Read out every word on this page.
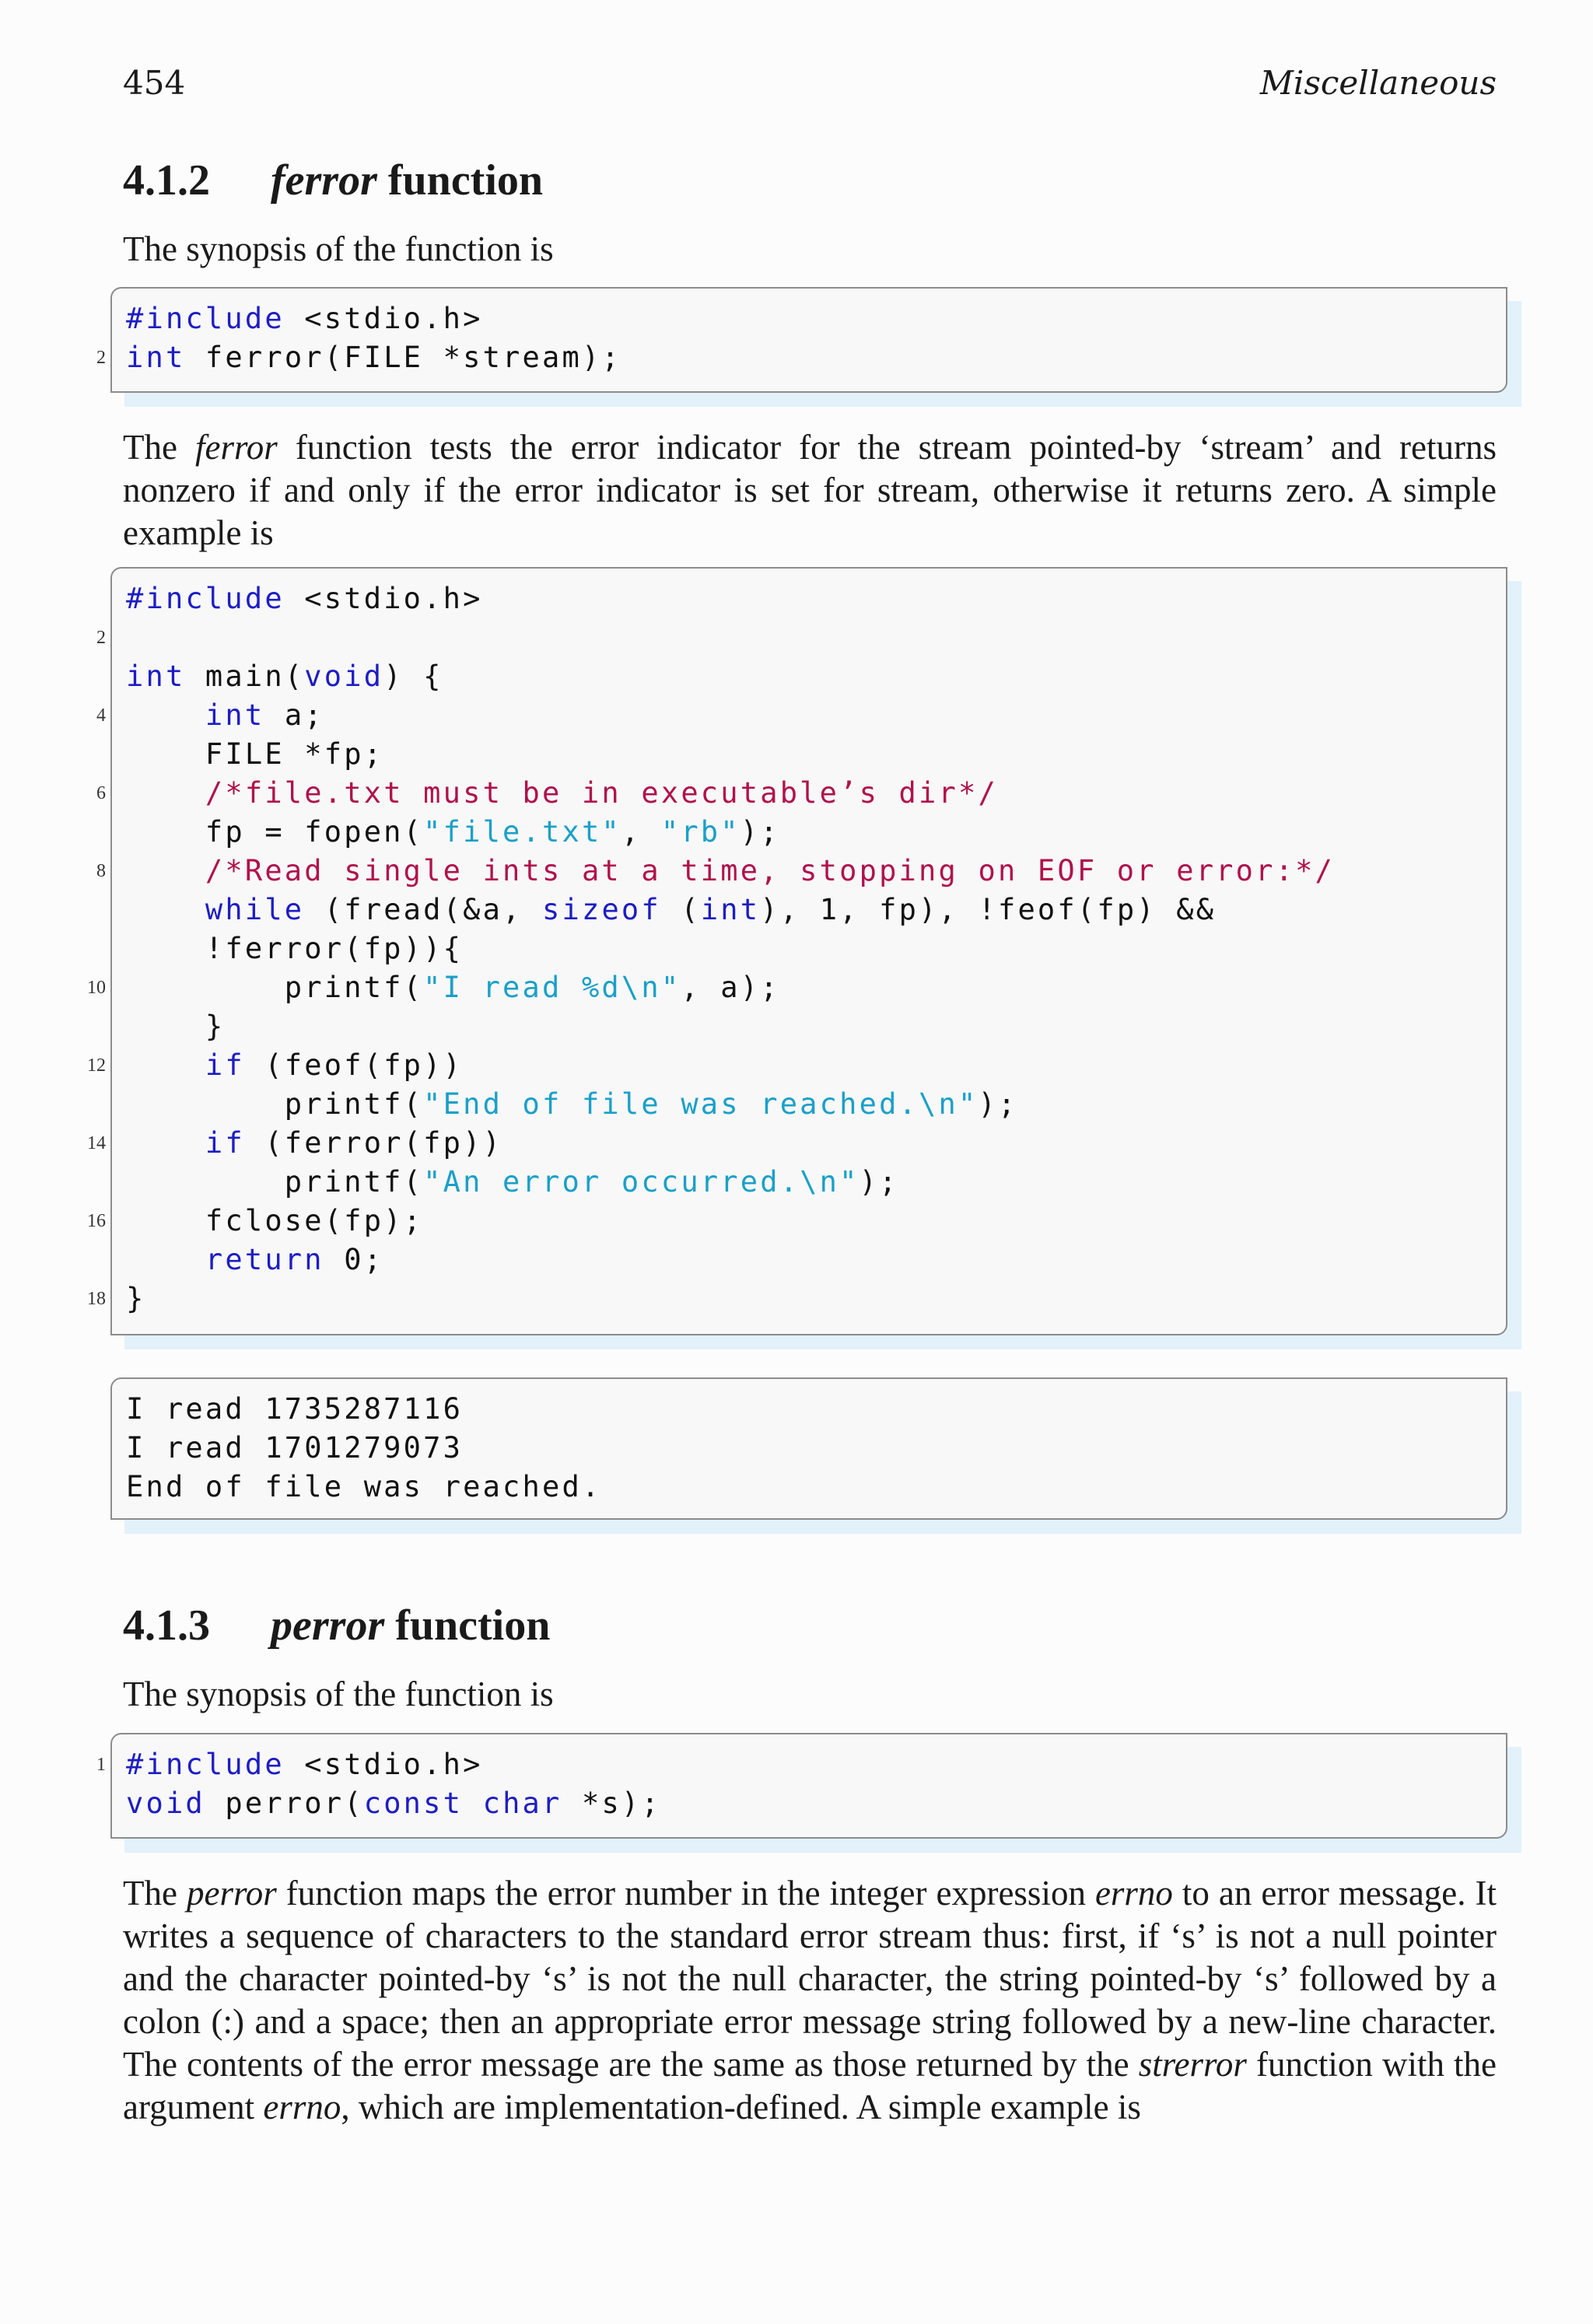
454	Miscellaneous
4.1.2 ferror function

The synopsis of the function is

#include <stdio.h>
2 int ferror(FILE *stream);

The ferror function tests the error indicator for the stream pointed-by ‘stream’ and returns nonzero if and only if the error indicator is set for stream, otherwise it returns zero. A simple example is

#include <stdio.h>
2
int main(void) {
4	int a;
FILE *fp;
6	/*file.txt must be in executable’s dir*/
fp = fopen("file.txt", "rb");
8	/*Read single ints at a time, stopping on EOF or error:*/
while (fread(&a, sizeof (int), 1, fp), !feof(fp) &&
!ferror(fp)){
10 printf("I read %d\n", a);
}
12	if (feof(fp))
printf("End of file was reached.\n");
14	if (ferror(fp))
printf("An error occurred.\n");
16 fclose(fp);
return 0;
18 }
I read 1735287116
I read 1701279073
End of file was reached.
4.1.3 perror function

The synopsis of the function is

1 #include <stdio.h>
void perror(const char *s);

The perror function maps the error number in the integer expression errno to an error message. It writes a sequence of characters to the standard error stream thus: first, if ‘s’ is not a null pointer and the character pointed-by ‘s’ is not the null character, the string pointed-by ‘s’ followed by a colon (:) and a space; then an appropriate error message string followed by a new-line character. The contents of the error message are the same as those returned by the strerror function with the argument errno, which are implementation-defined. A simple example is
